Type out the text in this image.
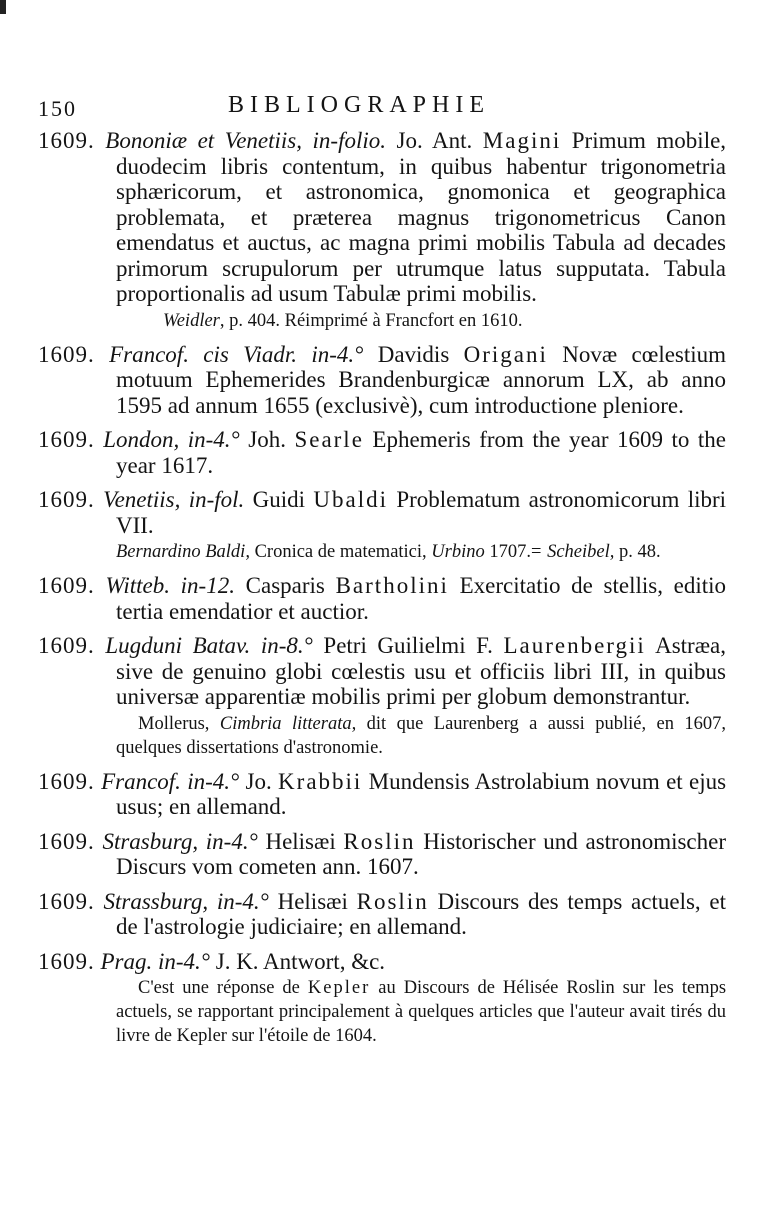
150	BIBLIOGRAPHIE
1609. Bononiæ et Venetiis, in-folio. Jo. Ant. Magini Primum mobile, duodecim libris contentum, in quibus habentur trigonometria sphæricorum, et astronomica, gnomonica et geographica problemata, et præterea magnus trigonometricus Canon emendatus et auctus, ac magna primi mobilis Tabula ad decades primorum scrupulorum per utrumque latus supputata. Tabula proportionalis ad usum Tabulæ primi mobilis.
Weidler, p. 404. Réimprimé à Francfort en 1610.
1609. Francof. cis Viadr. in-4.° Davidis Origani Novæ cœlestium motuum Ephemerides Brandenburgicæ annorum LX, ab anno 1595 ad annum 1655 (exclusivè), cum introductione pleniore.
1609. London, in-4.° Joh. Searle Ephemeris from the year 1609 to the year 1617.
1609. Venetiis, in-fol. Guidi Ubaldi Problematum astronomicorum libri VII.
Bernardino Baldi, Cronica de matematici, Urbino 1707.= Scheibel, p. 48.
1609. Witteb. in-12. Casparis Bartholini Exercitatio de stellis, editio tertia emendatior et auctior.
1609. Lugduni Batav. in-8.° Petri Guilielmi F. Laurenbergii Astræa, sive de genuino globi cœlestis usu et officiis libri III, in quibus universæ apparentiæ mobilis primi per globum demonstrantur.
Mollerus, Cimbria litterata, dit que Laurenberg a aussi publié, en 1607, quelques dissertations d'astronomie.
1609. Francof. in-4.° Jo. Krabbii Mundensis Astrolabium novum et ejus usus; en allemand.
1609. Strasburg, in-4.° Helisæi Roslin Historischer und astronomischer Discurs vom cometen ann. 1607.
1609. Strassburg, in-4.° Helisæi Roslin Discours des temps actuels, et de l'astrologie judiciaire; en allemand.
1609. Prag. in-4.° J. K. Antwort, &c.
C'est une réponse de Kepler au Discours de Hélisée Roslin sur les temps actuels, se rapportant principalement à quelques articles que l'auteur avait tirés du livre de Kepler sur l'étoile de 1604.
